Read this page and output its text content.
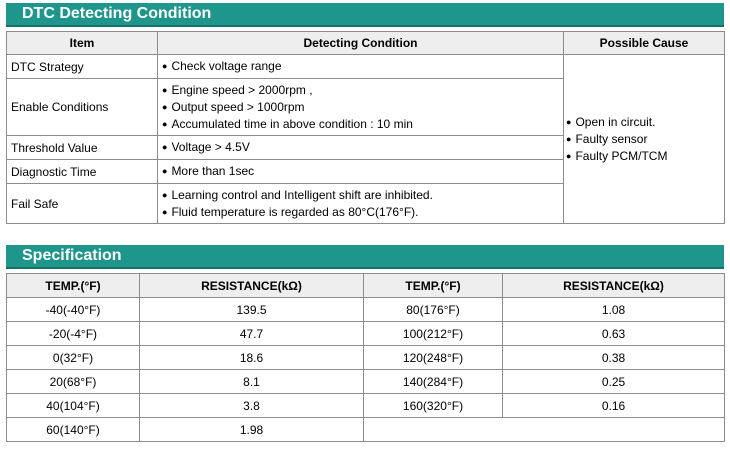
DTC Detecting Condition
Item	Detecting Condition	Possible Cause
DTC Strategy	● Check voltage range	● Open in circuit.
● Faulty sensor
● Faulty PCM/TCM

Enable Conditions	● Engine speed > 2000rpm ,
● Output speed > 1000rpm
● Accumulated time in above condition : 10 min

Threshold Value	● Voltage > 4.5V

Diagnostic Time	● More than 1sec

Fail Safe	● Learning control and Intelligent shift are inhibited.
● Fluid temperature is regarded as 80°C(176°F).
Specification
TEMP.(°F)	RESISTANCE(kΩ)	TEMP.(°F)	RESISTANCE(kΩ)
-40(-40°F)	139.5	80(176°F)	1.08
-20(-4°F)	47.7	100(212°F)	0.63
0(32°F)	18.6	120(248°F)	0.38
20(68°F)	8.1	140(284°F)	0.25
40(104°F)	3.8	160(320°F)	0.16
60(140°F)	1.98		
